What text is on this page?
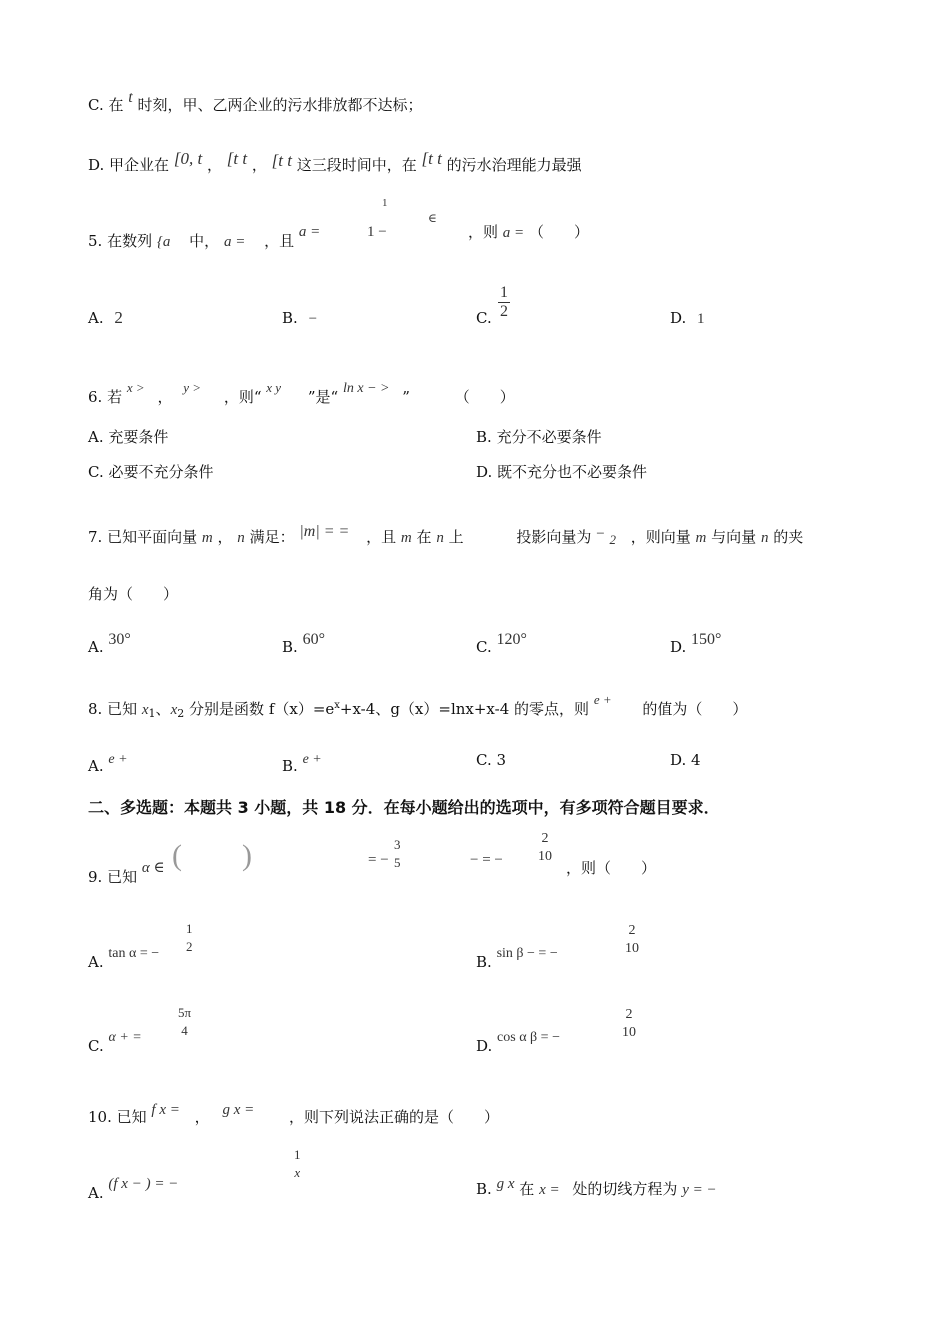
C. 在 t 时刻，甲、乙两企业的污水排放都不达标；
D. 甲企业在 [0, t ， [t t ， [t t 这三段时间中，在 [t t 的污水治理能力最强
5. 在数列 {a 中， a = ，且 a =
1
1 −
∈
，则 a = （　　）
A. 2	B. −	C. $\frac{1}{2}$	D. 1
6. 若 x > ， y > ，则“ x y ”是“ ln x − > ”	（　　）
A. 充要条件	B. 充分不必要条件
C. 必要不充分条件	D. 既不充分也不必要条件
7. 已知平面向量 m ， n 满足： |m| = = ，且 m 在 n 上	投影向量为 − 2 ，则向量 m 与向量 n 的夹
角为（　　）
A. 30°	B. 60°	C. 120°	D. 150°
8. 已知 $x_1$、$x_2$ 分别是函数 $f(x)=e^x+x-4$、g（x）=lnx+x-4 的零点，则 e + 的值为（　　）
A. e +	B. e +	C. 3	D. 4
二、多选题：本题共 3 小题，共 18 分．在每小题给出的选项中，有多项符合题目要求．
9. 已知 α ∈ (  )	= −
3
5	− = −
2
10
，则（　　）
A. tan α = −
1
2
B. sin β − = −
2
10
C. α + =
5π
4
D. cos α β = −
2
10
10. 已知 f x = ， g x = ，则下列说法正确的是（　　）
A. (f x − ) = −
1
x
B. g x 在 x = 处的切线方程为 y = −
